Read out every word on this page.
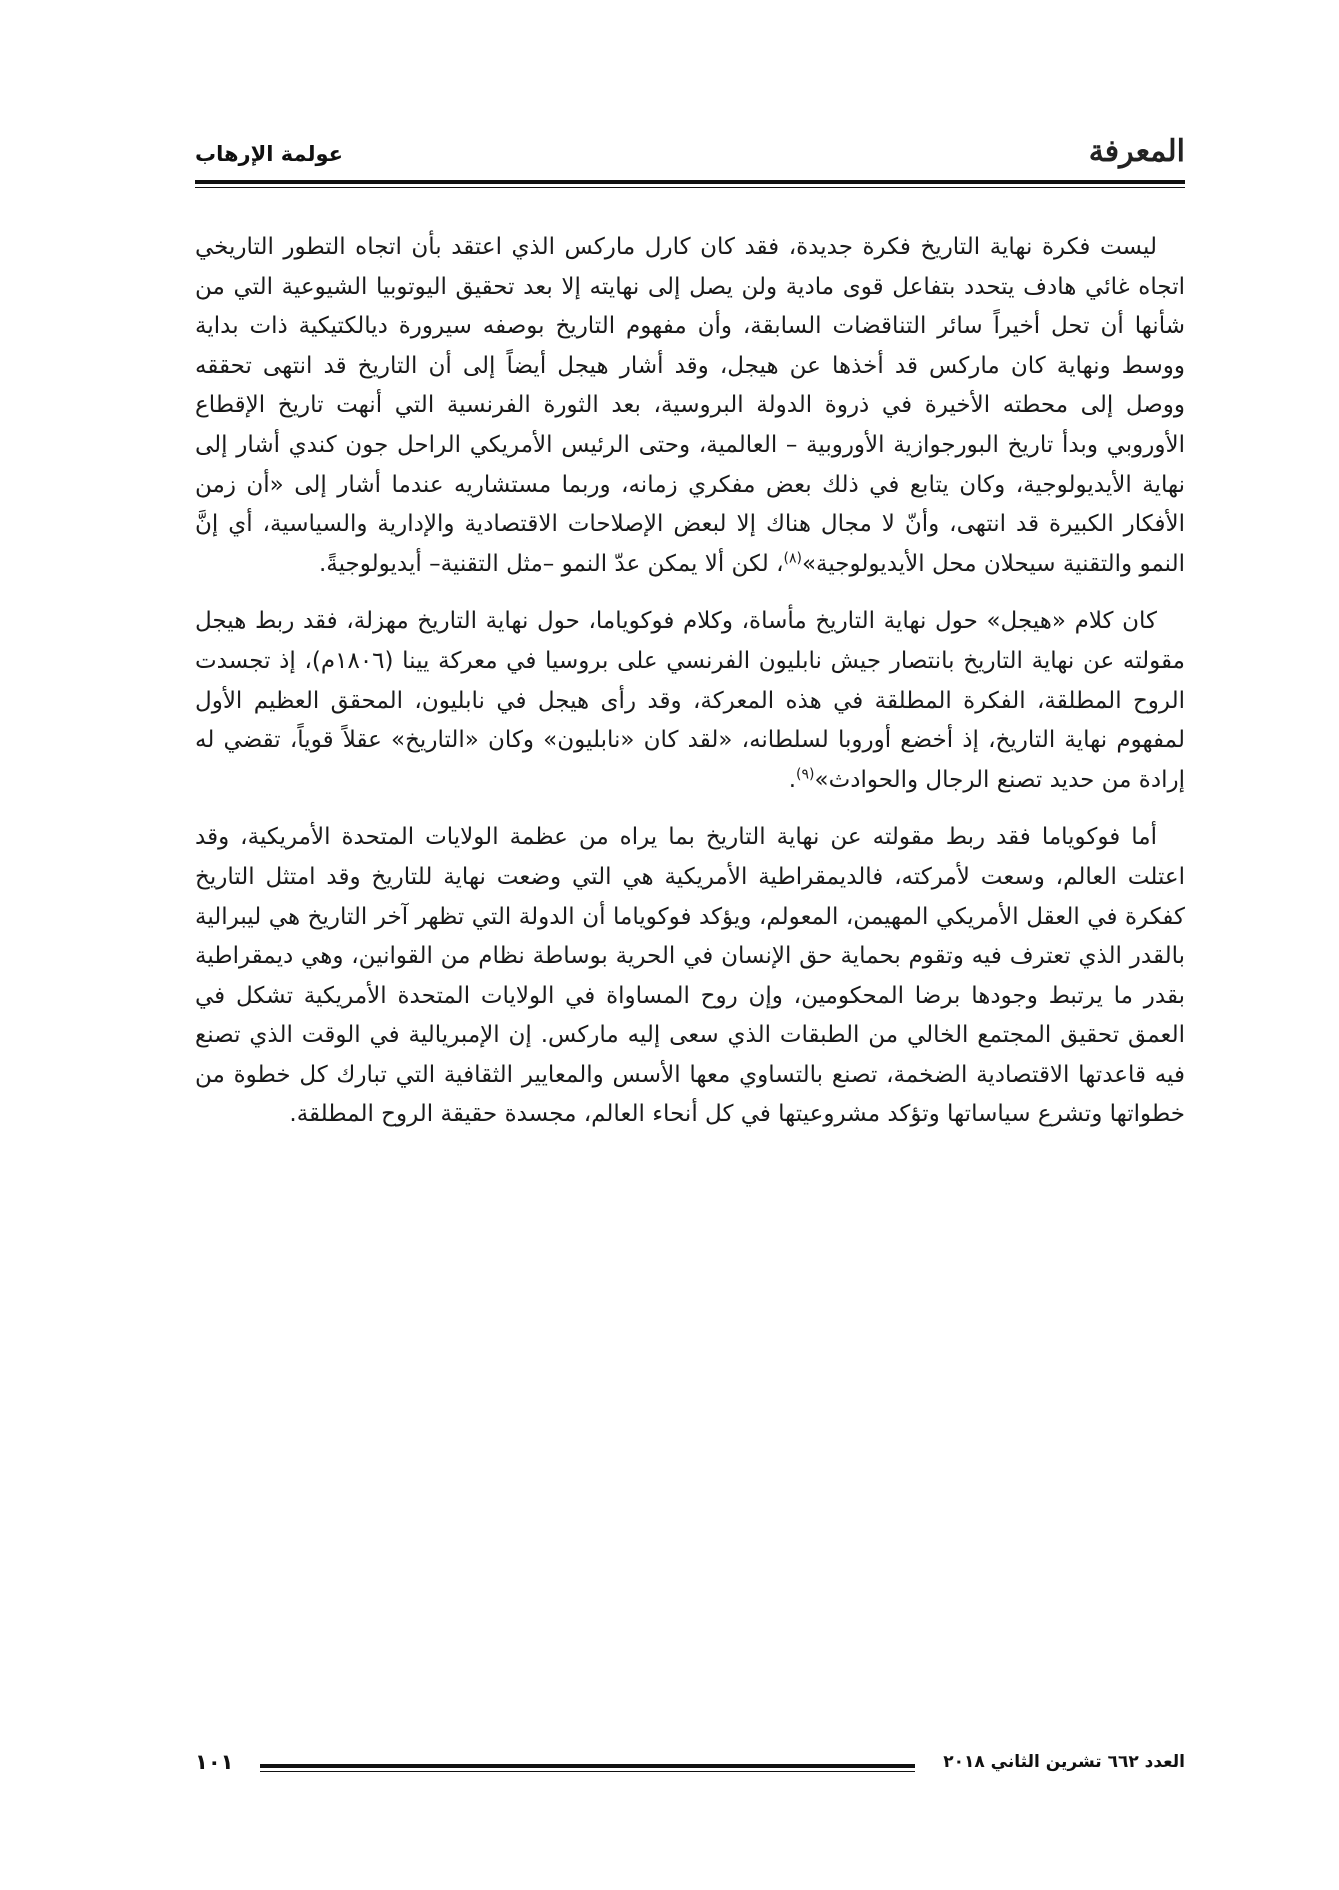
المعرفة
عولمة الإرهاب

ليست فكرة نهاية التاريخ فكرة جديدة، فقد كان كارل ماركس الذي اعتقد بأن اتجاه التطور التاريخي اتجاه غائي هادف يتحدد بتفاعل قوى مادية ولن يصل إلى نهايته إلا بعد تحقيق اليوتوبيا الشيوعية التي من شأنها أن تحل أخيراً سائر التناقضات السابقة، وأن مفهوم التاريخ بوصفه سيرورة ديالكتيكية ذات بداية ووسط ونهاية كان ماركس قد أخذها عن هيجل، وقد أشار هيجل أيضاً إلى أن التاريخ قد انتهى تحققه ووصل إلى محطته الأخيرة في ذروة الدولة البروسية، بعد الثورة الفرنسية التي أنهت تاريخ الإقطاع الأوروبي وبدأ تاريخ البورجوازية الأوروبية – العالمية، وحتى الرئيس الأمريكي الراحل جون كندي أشار إلى نهاية الأيديولوجية، وكان يتابع في ذلك بعض مفكري زمانه، وربما مستشاريه عندما أشار إلى «أن زمن الأفكار الكبيرة قد انتهى، وأنّ لا مجال هناك إلا لبعض الإصلاحات الاقتصادية والإدارية والسياسية، أي إنَّ النمو والتقنية سيحلان محل الأيديولوجية»$^{(٨)}$، لكن ألا يمكن عدّ النمو –مثل التقنية– أيديولوجيةً.

كان كلام «هيجل» حول نهاية التاريخ مأساة، وكلام فوكوياما، حول نهاية التاريخ مهزلة، فقد ربط هيجل مقولته عن نهاية التاريخ بانتصار جيش نابليون الفرنسي على بروسيا في معركة يينا (١٨٠٦م)، إذ تجسدت الروح المطلقة، الفكرة المطلقة في هذه المعركة، وقد رأى هيجل في نابليون، المحقق العظيم الأول لمفهوم نهاية التاريخ، إذ أخضع أوروبا لسلطانه، «لقد كان «نابليون» وكان «التاريخ» عقلاً قوياً، تقضي له إرادة من حديد تصنع الرجال والحوادث»$^{(٩)}$.

أما فوكوياما فقد ربط مقولته عن نهاية التاريخ بما يراه من عظمة الولايات المتحدة الأمريكية، وقد اعتلت العالم، وسعت لأمركته، فالديمقراطية الأمريكية هي التي وضعت نهاية للتاريخ وقد امتثل التاريخ كفكرة في العقل الأمريكي المهيمن، المعولم، ويؤكد فوكوياما أن الدولة التي تظهر آخر التاريخ هي ليبرالية بالقدر الذي تعترف فيه وتقوم بحماية حق الإنسان في الحرية بوساطة نظام من القوانين، وهي ديمقراطية بقدر ما يرتبط وجودها برضا المحكومين، وإن روح المساواة في الولايات المتحدة الأمريكية تشكل في العمق تحقيق المجتمع الخالي من الطبقات الذي سعى إليه ماركس. إن الإمبريالية في الوقت الذي تصنع فيه قاعدتها الاقتصادية الضخمة، تصنع بالتساوي معها الأسس والمعايير الثقافية التي تبارك كل خطوة من خطواتها وتشرع سياساتها وتؤكد مشروعيتها في كل أنحاء العالم، مجسدة حقيقة الروح المطلقة.

العدد ٦٦٢ تشرين الثاني ٢٠١٨
١٠١
